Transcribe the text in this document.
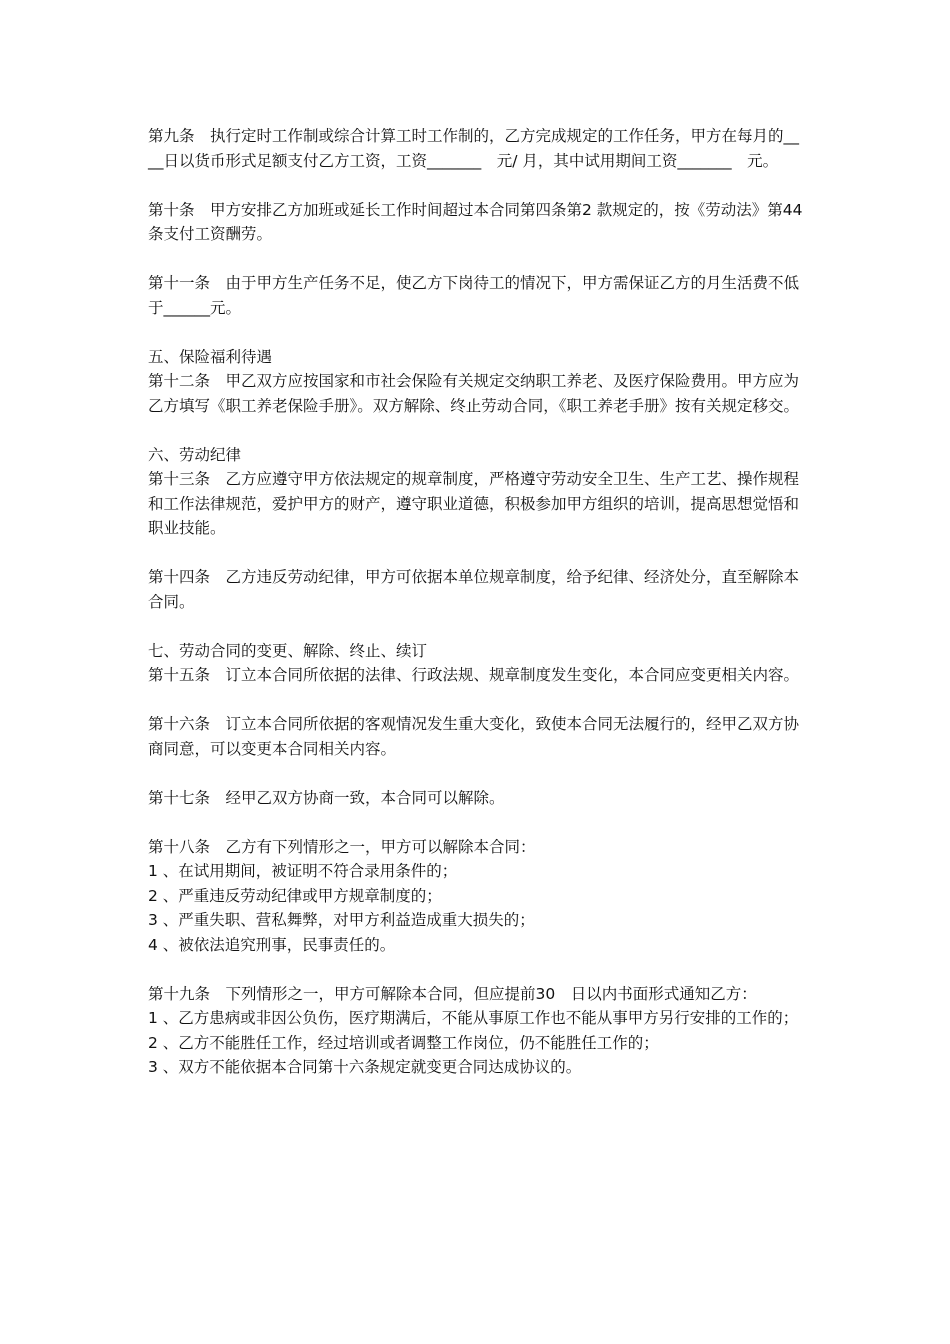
第九条　执行定时工作制或综合计算工时工作制的，乙方完成规定的工作任务，甲方在每月的____日以货币形式足额支付乙方工资，工资_______　元/ 月，其中试用期间工资_______　元。

第十条　甲方安排乙方加班或延长工作时间超过本合同第四条第2 款规定的，按《劳动法》第44　条支付工资酬劳。

第十一条　由于甲方生产任务不足，使乙方下岗待工的情况下，甲方需保证乙方的月生活费不低于______元。

五、保险福利待遇
第十二条　甲乙双方应按国家和市社会保险有关规定交纳职工养老、及医疗保险费用。甲方应为乙方填写《职工养老保险手册》。双方解除、终止劳动合同，《职工养老手册》按有关规定移交。

六、劳动纪律
第十三条　乙方应遵守甲方依法规定的规章制度，严格遵守劳动安全卫生、生产工艺、操作规程和工作法律规范，爱护甲方的财产，遵守职业道德，积极参加甲方组织的培训，提高思想觉悟和职业技能。

第十四条　乙方违反劳动纪律，甲方可依据本单位规章制度，给予纪律、经济处分，直至解除本合同。

七、劳动合同的变更、解除、终止、续订
第十五条　订立本合同所依据的法律、行政法规、规章制度发生变化，本合同应变更相关内容。

第十六条　订立本合同所依据的客观情况发生重大变化，致使本合同无法履行的，经甲乙双方协商同意，可以变更本合同相关内容。

第十七条　经甲乙双方协商一致，本合同可以解除。

第十八条　乙方有下列情形之一，甲方可以解除本合同：
1 、在试用期间，被证明不符合录用条件的；
2 、严重违反劳动纪律或甲方规章制度的；
3 、严重失职、营私舞弊，对甲方利益造成重大损失的；
4 、被依法追究刑事，民事责任的。

第十九条　下列情形之一，甲方可解除本合同，但应提前30　日以内书面形式通知乙方：
1 、乙方患病或非因公负伤，医疗期满后，不能从事原工作也不能从事甲方另行安排的工作的；
2 、乙方不能胜任工作，经过培训或者调整工作岗位，仍不能胜任工作的；
3 、双方不能依据本合同第十六条规定就变更合同达成协议的。
